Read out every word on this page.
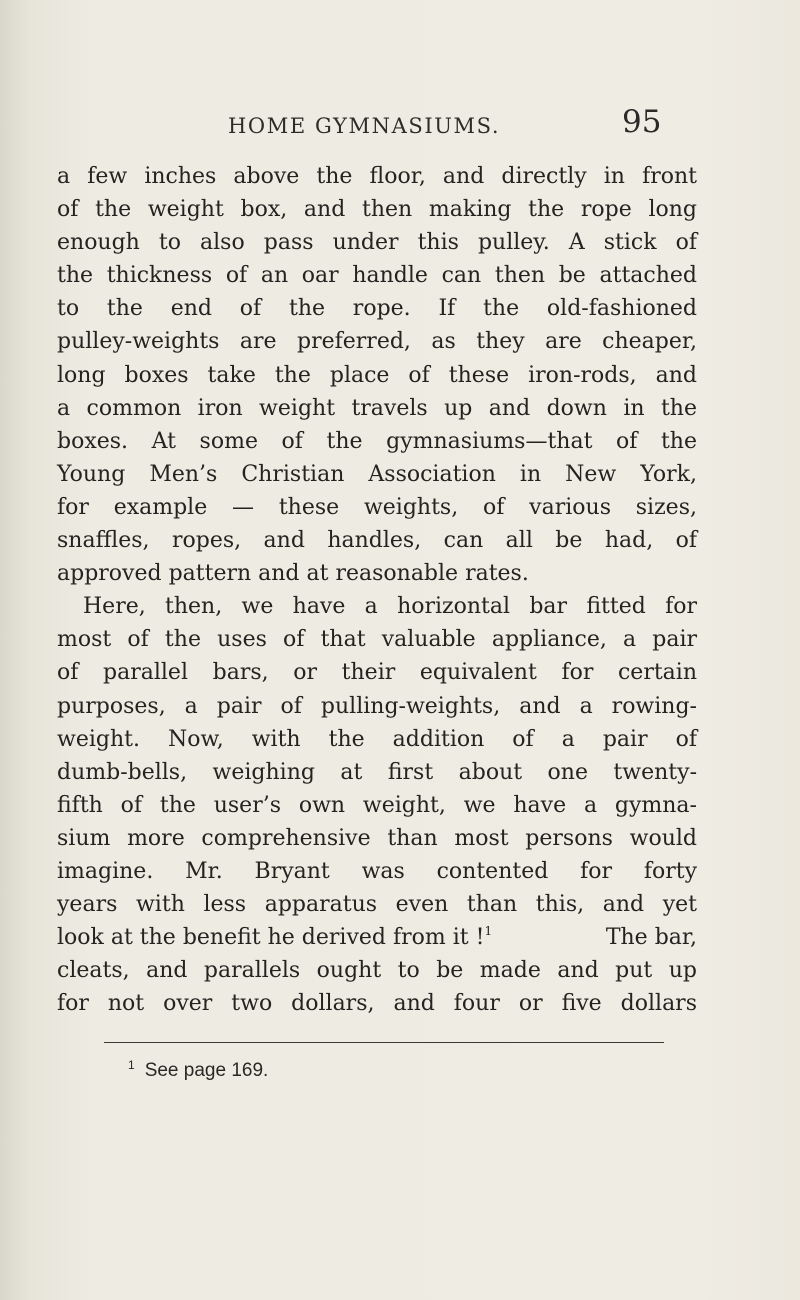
HOME GYMNASIUMS.	95
a few inches above the floor, and directly in front
of the weight box, and then making the rope long
enough to also pass under this pulley. A stick of
the thickness of an oar handle can then be attached
to the end of the rope. If the old-fashioned
pulley-weights are preferred, as they are cheaper,
long boxes take the place of these iron-rods, and
a common iron weight travels up and down in the
boxes. At some of the gymnasiums—that of the
Young Men’s Christian Association in New York,
for example — these weights, of various sizes,
snaffles, ropes, and handles, can all be had, of
approved pattern and at reasonable rates.
Here, then, we have a horizontal bar fitted for
most of the uses of that valuable appliance, a pair
of parallel bars, or their equivalent for certain
purposes, a pair of pulling-weights, and a rowing-
weight. Now, with the addition of a pair of
dumb-bells, weighing at first about one twenty-
fifth of the user’s own weight, we have a gymna-
sium more comprehensive than most persons would
imagine. Mr. Bryant was contented for forty
years with less apparatus even than this, and yet
look at the benefit he derived from it !$^1$	The bar,
cleats, and parallels ought to be made and put up
for not over two dollars, and four or five dollars
$^1$ See page 169.
